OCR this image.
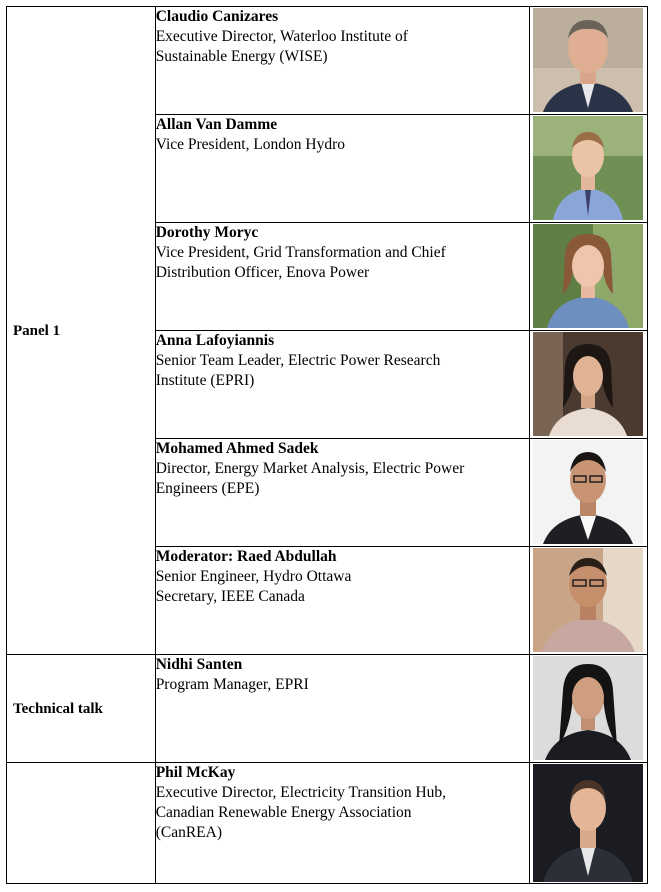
Panel 1	Claudio Canizares
Executive Director, Waterloo Institute of
Sustainable Energy (WISE)

	Allan Van Damme
Vice President, London Hydro

	Dorothy Moryc
Vice President, Grid Transformation and Chief
Distribution Officer, Enova Power

	Anna Lafoyiannis
Senior Team Leader, Electric Power Research
Institute (EPRI)

	Mohamed Ahmed Sadek
Director, Energy Market Analysis, Electric Power
Engineers (EPE)

	Moderator: Raed Abdullah
Senior Engineer, Hydro Ottawa
Secretary, IEEE Canada

Technical talk	Nidhi Santen
Program Manager, EPRI

	Phil McKay
Executive Director, Electricity Transition Hub,
Canadian Renewable Energy Association
(CanREA)
